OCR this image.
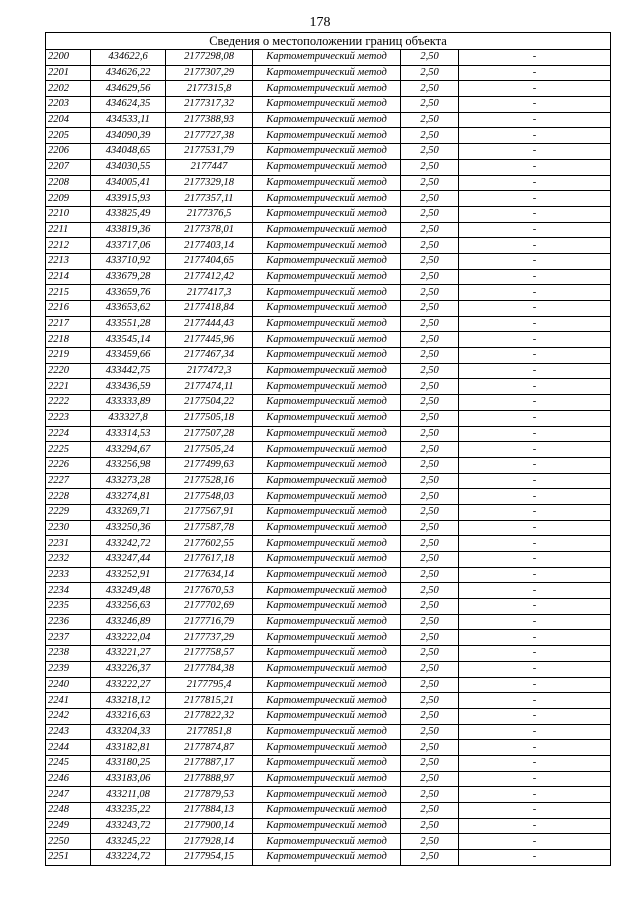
178
Сведения о местоположении границ объекта					
2200	434622,6	2177298,08	Картометрический метод	2,50	-
2201	434626,22	2177307,29	Картометрический метод	2,50	-
2202	434629,56	2177315,8	Картометрический метод	2,50	-
2203	434624,35	2177317,32	Картометрический метод	2,50	-
2204	434533,11	2177388,93	Картометрический метод	2,50	-
2205	434090,39	2177727,38	Картометрический метод	2,50	-
2206	434048,65	2177531,79	Картометрический метод	2,50	-
2207	434030,55	2177447	Картометрический метод	2,50	-
2208	434005,41	2177329,18	Картометрический метод	2,50	-
2209	433915,93	2177357,11	Картометрический метод	2,50	-
2210	433825,49	2177376,5	Картометрический метод	2,50	-
2211	433819,36	2177378,01	Картометрический метод	2,50	-
2212	433717,06	2177403,14	Картометрический метод	2,50	-
2213	433710,92	2177404,65	Картометрический метод	2,50	-
2214	433679,28	2177412,42	Картометрический метод	2,50	-
2215	433659,76	2177417,3	Картометрический метод	2,50	-
2216	433653,62	2177418,84	Картометрический метод	2,50	-
2217	433551,28	2177444,43	Картометрический метод	2,50	-
2218	433545,14	2177445,96	Картометрический метод	2,50	-
2219	433459,66	2177467,34	Картометрический метод	2,50	-
2220	433442,75	2177472,3	Картометрический метод	2,50	-
2221	433436,59	2177474,11	Картометрический метод	2,50	-
2222	433333,89	2177504,22	Картометрический метод	2,50	-
2223	433327,8	2177505,18	Картометрический метод	2,50	-
2224	433314,53	2177507,28	Картометрический метод	2,50	-
2225	433294,67	2177505,24	Картометрический метод	2,50	-
2226	433256,98	2177499,63	Картометрический метод	2,50	-
2227	433273,28	2177528,16	Картометрический метод	2,50	-
2228	433274,81	2177548,03	Картометрический метод	2,50	-
2229	433269,71	2177567,91	Картометрический метод	2,50	-
2230	433250,36	2177587,78	Картометрический метод	2,50	-
2231	433242,72	2177602,55	Картометрический метод	2,50	-
2232	433247,44	2177617,18	Картометрический метод	2,50	-
2233	433252,91	2177634,14	Картометрический метод	2,50	-
2234	433249,48	2177670,53	Картометрический метод	2,50	-
2235	433256,63	2177702,69	Картометрический метод	2,50	-
2236	433246,89	2177716,79	Картометрический метод	2,50	-
2237	433222,04	2177737,29	Картометрический метод	2,50	-
2238	433221,27	2177758,57	Картометрический метод	2,50	-
2239	433226,37	2177784,38	Картометрический метод	2,50	-
2240	433222,27	2177795,4	Картометрический метод	2,50	-
2241	433218,12	2177815,21	Картометрический метод	2,50	-
2242	433216,63	2177822,32	Картометрический метод	2,50	-
2243	433204,33	2177851,8	Картометрический метод	2,50	-
2244	433182,81	2177874,87	Картометрический метод	2,50	-
2245	433180,25	2177887,17	Картометрический метод	2,50	-
2246	433183,06	2177888,97	Картометрический метод	2,50	-
2247	433211,08	2177879,53	Картометрический метод	2,50	-
2248	433235,22	2177884,13	Картометрический метод	2,50	-
2249	433243,72	2177900,14	Картометрический метод	2,50	-
2250	433245,22	2177928,14	Картометрический метод	2,50	-
2251	433224,72	2177954,15	Картометрический метод	2,50	-
